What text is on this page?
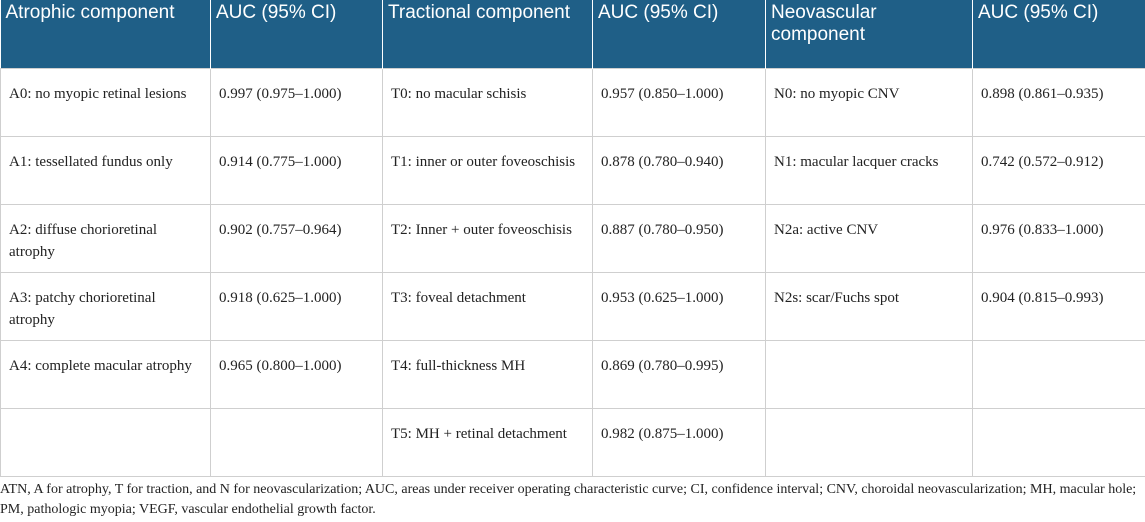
Atrophic component	AUC (95% CI)	Tractional component	AUC (95% CI)	Neovascular component	AUC (95% CI)
A0: no myopic retinal lesions	0.997 (0.975–1.000)	T0: no macular schisis	0.957 (0.850–1.000)	N0: no myopic CNV	0.898 (0.861–0.935)
A1: tessellated fundus only	0.914 (0.775–1.000)	T1: inner or outer foveoschisis	0.878 (0.780–0.940)	N1: macular lacquer cracks	0.742 (0.572–0.912)
A2: diffuse chorioretinal atrophy	0.902 (0.757–0.964)	T2: Inner + outer foveoschisis	0.887 (0.780–0.950)	N2a: active CNV	0.976 (0.833–1.000)
A3: patchy chorioretinal atrophy	0.918 (0.625–1.000)	T3: foveal detachment	0.953 (0.625–1.000)	N2s: scar/Fuchs spot	0.904 (0.815–0.993)
A4: complete macular atrophy	0.965 (0.800–1.000)	T4: full-thickness MH	0.869 (0.780–0.995)		
		T5: MH + retinal detachment	0.982 (0.875–1.000)		
ATN, A for atrophy, T for traction, and N for neovascularization; AUC, areas under receiver operating characteristic curve; CI, confidence interval; CNV, choroidal neovascularization; MH, macular hole; PM, pathologic myopia; VEGF, vascular endothelial growth factor.
